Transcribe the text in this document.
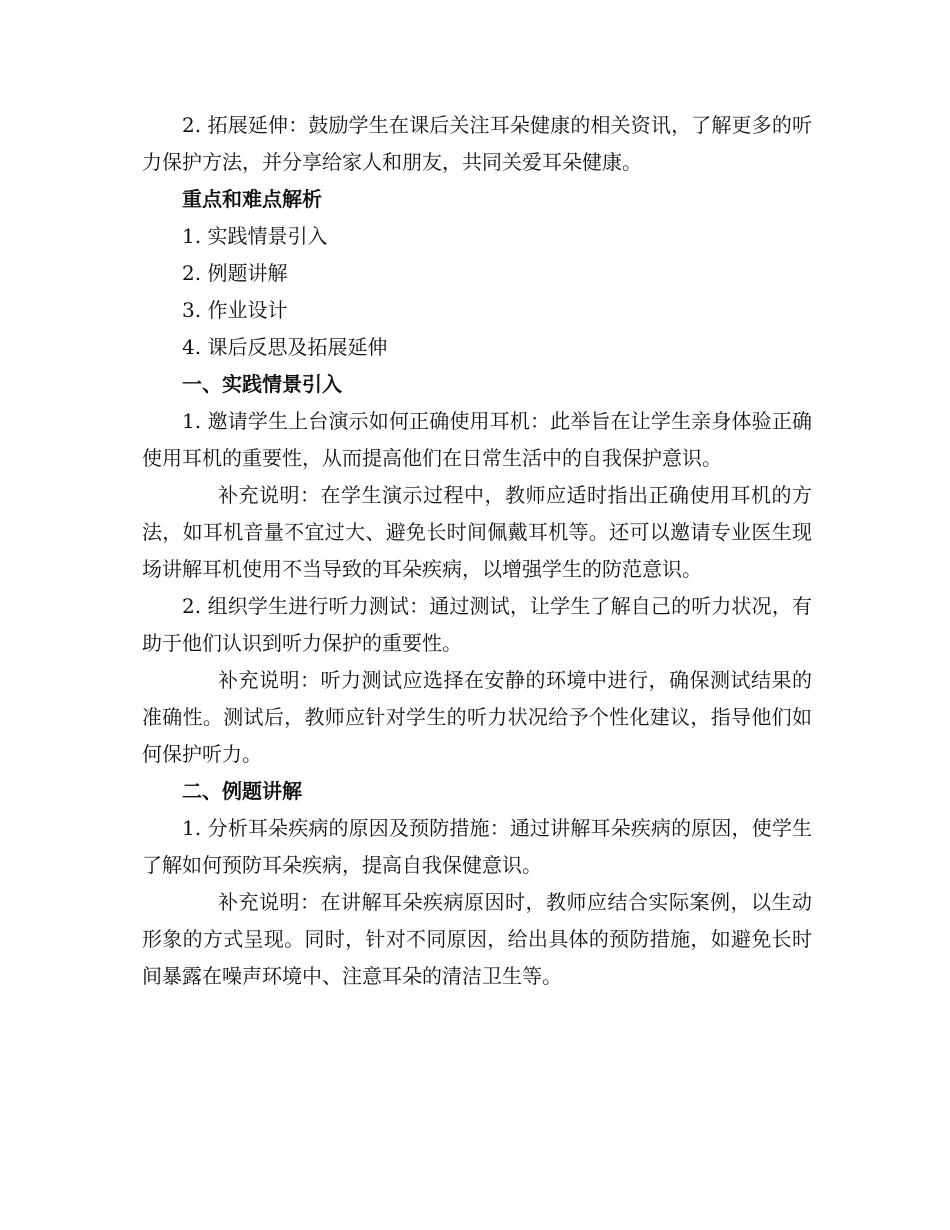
2. 拓展延伸：鼓励学生在课后关注耳朵健康的相关资讯，了解更多的听力保护方法，并分享给家人和朋友，共同关爱耳朵健康。

重点和难点解析

1. 实践情景引入

2. 例题讲解

3. 作业设计

4. 课后反思及拓展延伸

一、实践情景引入

1. 邀请学生上台演示如何正确使用耳机：此举旨在让学生亲身体验正确使用耳机的重要性，从而提高他们在日常生活中的自我保护意识。

补充说明：在学生演示过程中，教师应适时指出正确使用耳机的方法，如耳机音量不宜过大、避免长时间佩戴耳机等。还可以邀请专业医生现场讲解耳机使用不当导致的耳朵疾病，以增强学生的防范意识。

2. 组织学生进行听力测试：通过测试，让学生了解自己的听力状况，有助于他们认识到听力保护的重要性。

补充说明：听力测试应选择在安静的环境中进行，确保测试结果的准确性。测试后，教师应针对学生的听力状况给予个性化建议，指导他们如何保护听力。

二、例题讲解

1. 分析耳朵疾病的原因及预防措施：通过讲解耳朵疾病的原因，使学生了解如何预防耳朵疾病，提高自我保健意识。

补充说明：在讲解耳朵疾病原因时，教师应结合实际案例，以生动形象的方式呈现。同时，针对不同原因，给出具体的预防措施，如避免长时间暴露在噪声环境中、注意耳朵的清洁卫生等。
